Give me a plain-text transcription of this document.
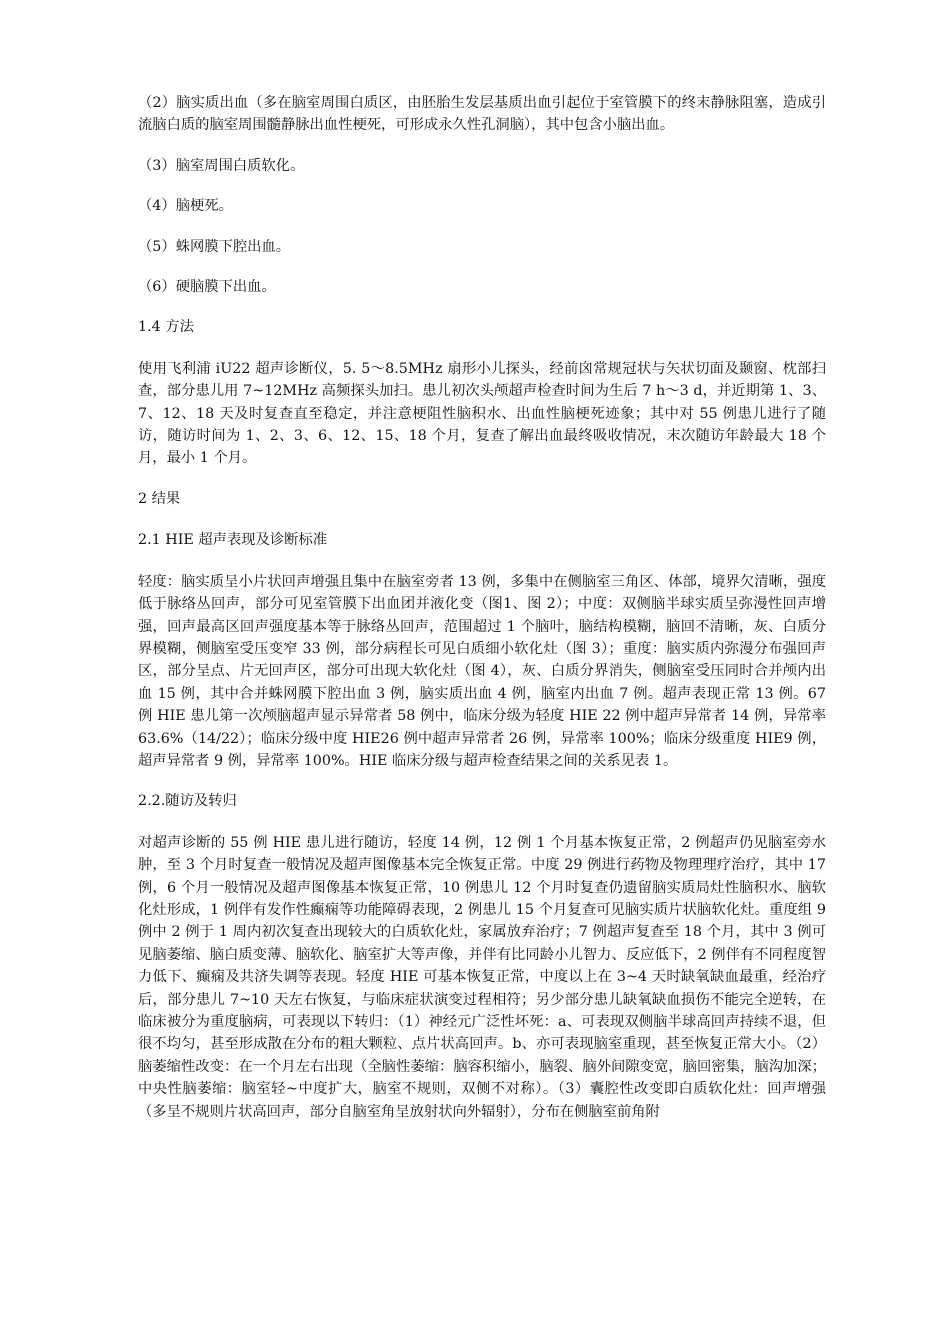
（2）脑实质出血（多在脑室周围白质区，由胚胎生发层基质出血引起位于室管膜下的终末静脉阻塞，造成引流脑白质的脑室周围髓静脉出血性梗死，可形成永久性孔洞脑），其中包含小脑出血。

（3）脑室周围白质软化。

（4）脑梗死。

（5）蛛网膜下腔出血。

（6）硬脑膜下出血。

1.4 方法

使用飞利浦 iU22 超声诊断仪，5. 5～8.5MHz 扇形小儿探头，经前囟常规冠状与矢状切面及颞窗、枕部扫查，部分患儿用 7~12MHz 高频探头加扫。患儿初次头颅超声检查时间为生后 7 h～3 d，并近期第 1、3、7、12、18 天及时复查直至稳定，并注意梗阻性脑积水、出血性脑梗死迹象；其中对 55 例患儿进行了随访，随访时间为 1、2、3、6、12、15、18 个月，复查了解出血最终吸收情况，末次随访年龄最大 18 个月，最小 1 个月。

2 结果

2.1 HIE 超声表现及诊断标准

轻度：脑实质呈小片状回声增强且集中在脑室旁者 13 例，多集中在侧脑室三角区、体部，境界欠清晰，强度低于脉络丛回声，部分可见室管膜下出血团并液化变（图1、图 2）；中度：双侧脑半球实质呈弥漫性回声增强，回声最高区回声强度基本等于脉络丛回声，范围超过 1 个脑叶，脑结构模糊，脑回不清晰，灰、白质分界模糊，侧脑室受压变窄 33 例，部分病程长可见白质细小软化灶（图 3）；重度：脑实质内弥漫分布强回声区，部分呈点、片无回声区，部分可出现大软化灶（图 4），灰、白质分界消失，侧脑室受压同时合并颅内出血 15 例，其中合并蛛网膜下腔出血 3 例，脑实质出血 4 例，脑室内出血 7 例。超声表现正常 13 例。67 例 HIE 患儿第一次颅脑超声显示异常者 58 例中，临床分级为轻度 HIE 22 例中超声异常者 14 例，异常率 63.6%（14/22）；临床分级中度 HIE26 例中超声异常者 26 例，异常率 100%；临床分级重度 HIE9 例，超声异常者 9 例，异常率 100%。HIE 临床分级与超声检查结果之间的关系见表 1。

2.2.随访及转归

对超声诊断的 55 例 HIE 患儿进行随访，轻度 14 例，12 例 1 个月基本恢复正常，2 例超声仍见脑室旁水肿，至 3 个月时复查一般情况及超声图像基本完全恢复正常。中度 29 例进行药物及物理理疗治疗，其中 17 例，6 个月一般情况及超声图像基本恢复正常，10 例患儿 12 个月时复查仍遗留脑实质局灶性脑积水、脑软化灶形成，1 例伴有发作性癫痫等功能障碍表现，2 例患儿 15 个月复查可见脑实质片状脑软化灶。重度组 9 例中 2 例于 1 周内初次复查出现较大的白质软化灶，家属放弃治疗；7 例超声复查至 18 个月，其中 3 例可见脑萎缩、脑白质变薄、脑软化、脑室扩大等声像，并伴有比同龄小儿智力、反应低下，2 例伴有不同程度智力低下、癫痫及共济失调等表现。轻度 HIE 可基本恢复正常，中度以上在 3~4 天时缺氧缺血最重，经治疗后，部分患儿 7~10 天左右恢复，与临床症状演变过程相符；另少部分患儿缺氧缺血损伤不能完全逆转，在临床被分为重度脑病，可表现以下转归：（1）神经元广泛性坏死：a、可表现双侧脑半球高回声持续不退，但很不均匀，甚至形成散在分布的粗大颗粒、点片状高回声。b、亦可表现脑室重现，甚至恢复正常大小。（2）脑萎缩性改变：在一个月左右出现（全脑性萎缩：脑容积缩小，脑裂、脑外间隙变宽，脑回密集，脑沟加深；中央性脑萎缩：脑室轻~中度扩大，脑室不规则，双侧不对称）。（3）囊腔性改变即白质软化灶：回声增强（多呈不规则片状高回声，部分自脑室角呈放射状向外辐射），分布在侧脑室前角附
